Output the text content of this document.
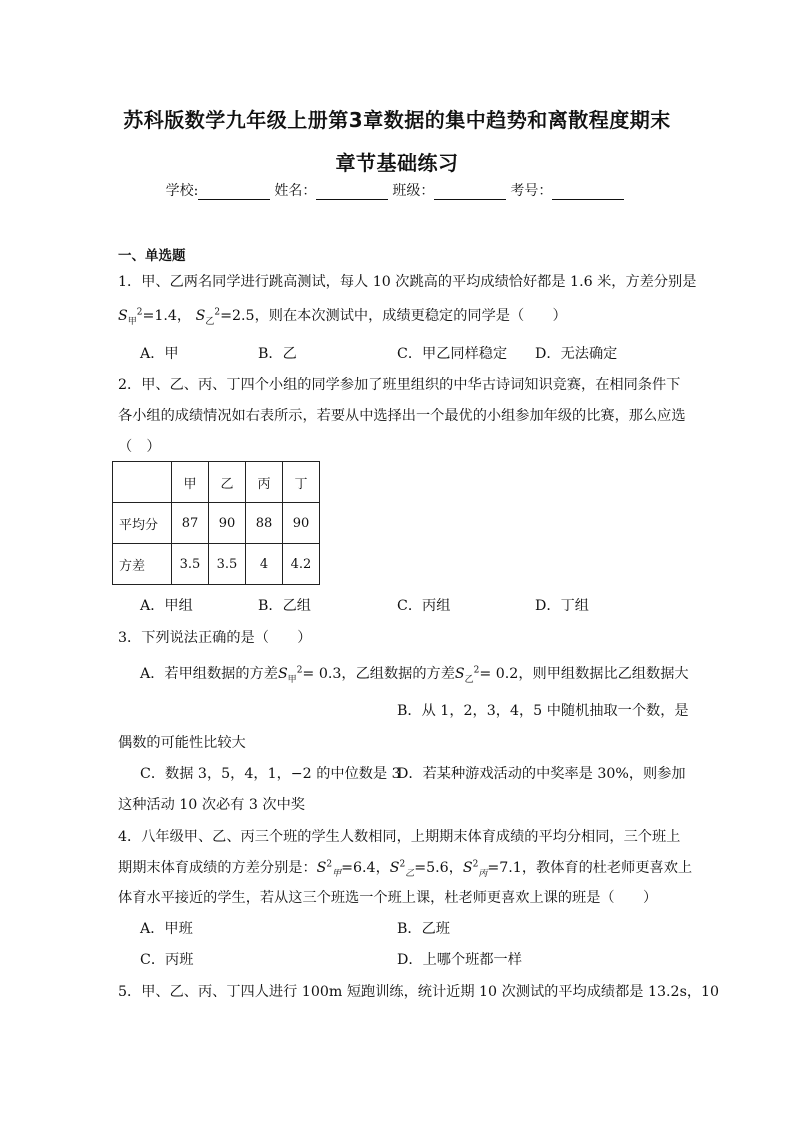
苏科版数学九年级上册第3章数据的集中趋势和离散程度期末
章节基础练习
学校:	姓名：	班级：	考号：
一、单选题
1．甲、乙两名同学进行跳高测试，每人 10 次跳高的平均成绩恰好都是 1.6 米，方差分别是
$S_甲^2=1.4$， $S_乙^2=2.5$，则在本次测试中，成绩更稳定的同学是（　　）
A．甲	B．乙	C．甲乙同样稳定 D．无法确定
2．甲、乙、丙、丁四个小组的同学参加了班里组织的中华古诗词知识竞赛，在相同条件下
各小组的成绩情况如右表所示，若要从中选择出一个最优的小组参加年级的比赛，那么应选
（　）
	甲	乙	丙	丁
平均分	87	90	88	90
方差	3.5	3.5	4	4.2
A．甲组	B．乙组	C．丙组	D．丁组
3．下列说法正确的是（　　）
A．若甲组数据的方差$S_甲^2= 0.3$，乙组数据的方差$S_乙^2= 0.2$，则甲组数据比乙组数据大
B．从 1，2，3，4，5 中随机抽取一个数，是
偶数的可能性比较大
C．数据 3，5，4，1，−2 的中位数是 3
D．若某种游戏活动的中奖率是 30%，则参加
这种活动 10 次必有 3 次中奖
4．八年级甲、乙、丙三个班的学生人数相同，上期期末体育成绩的平均分相同，三个班上
期期末体育成绩的方差分别是：$S^2_甲=6.4$，$S^2_乙=5.6$，$S^2_丙=7.1$，教体育的杜老师更喜欢上
体育水平接近的学生，若从这三个班选一个班上课，杜老师更喜欢上课的班是（　　）
A．甲班	B．乙班
C．丙班	D．上哪个班都一样
5．甲、乙、丙、丁四人进行 100m 短跑训练，统计近期 10 次测试的平均成绩都是 13.2s，10
